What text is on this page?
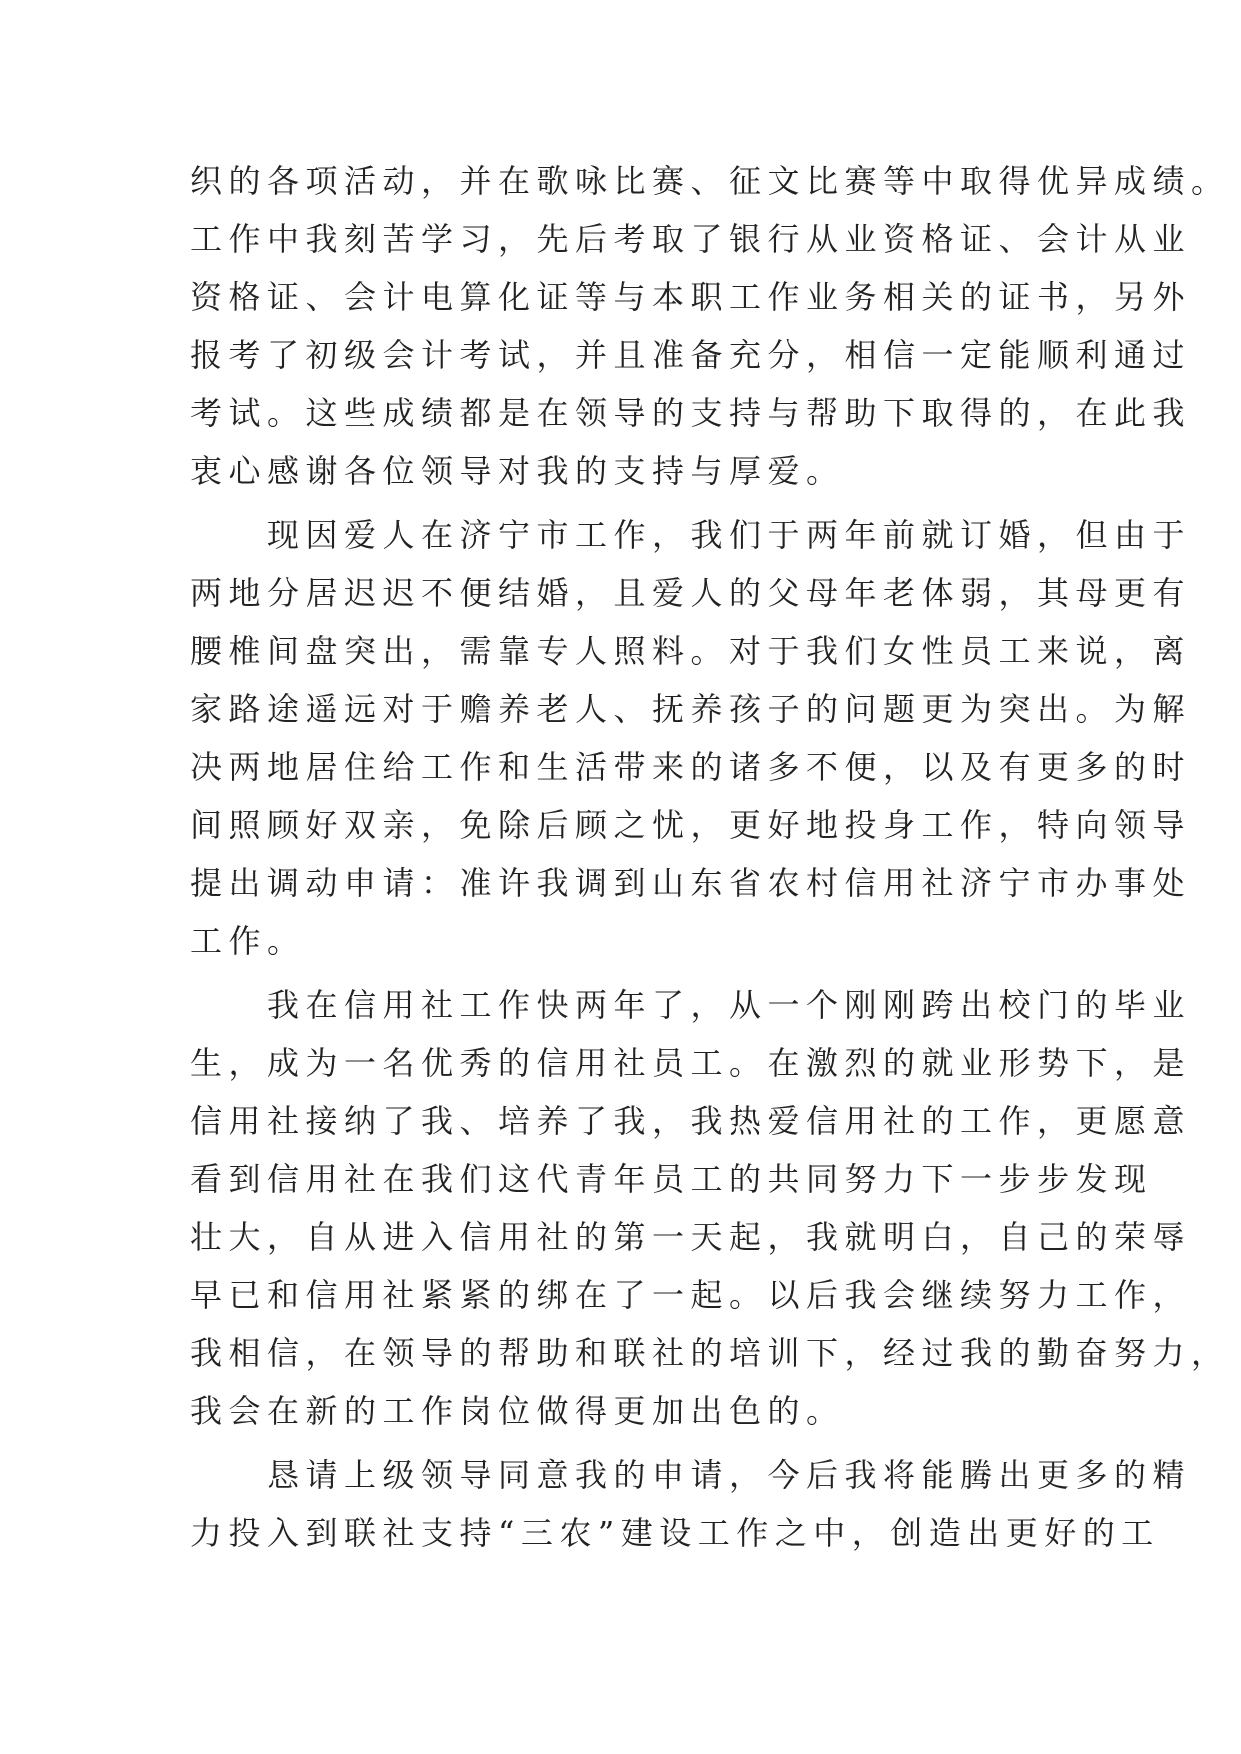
织的各项活动，并在歌咏比赛、征文比赛等中取得优异成绩。
工作中我刻苦学习，先后考取了银行从业资格证、会计从业
资格证、会计电算化证等与本职工作业务相关的证书，另外
报考了初级会计考试，并且准备充分，相信一定能顺利通过
考试。这些成绩都是在领导的支持与帮助下取得的，在此我
衷心感谢各位领导对我的支持与厚爱。
　　现因爱人在济宁市工作，我们于两年前就订婚，但由于
两地分居迟迟不便结婚，且爱人的父母年老体弱，其母更有
腰椎间盘突出，需靠专人照料。对于我们女性员工来说，离
家路途遥远对于赡养老人、抚养孩子的问题更为突出。为解
决两地居住给工作和生活带来的诸多不便，以及有更多的时
间照顾好双亲，免除后顾之忧，更好地投身工作，特向领导
提出调动申请：准许我调到山东省农村信用社济宁市办事处
工作。
　　我在信用社工作快两年了，从一个刚刚跨出校门的毕业
生，成为一名优秀的信用社员工。在激烈的就业形势下，是
信用社接纳了我、培养了我，我热爱信用社的工作，更愿意
看到信用社在我们这代青年员工的共同努力下一步步发现
壮大，自从进入信用社的第一天起，我就明白，自己的荣辱
早已和信用社紧紧的绑在了一起。以后我会继续努力工作，
我相信，在领导的帮助和联社的培训下，经过我的勤奋努力，
我会在新的工作岗位做得更加出色的。
　　恳请上级领导同意我的申请，今后我将能腾出更多的精
力投入到联社支持“三农”建设工作之中，创造出更好的工
